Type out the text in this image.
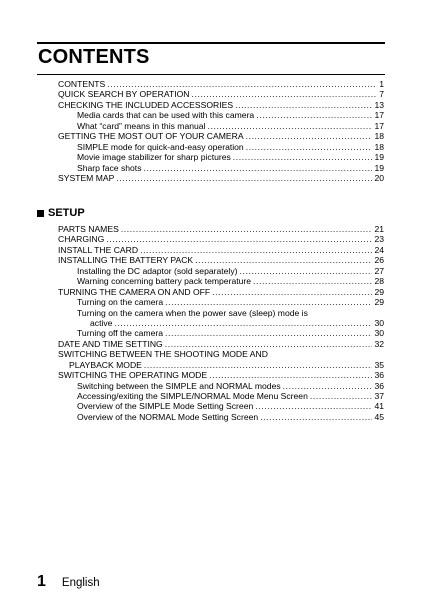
CONTENTS
CONTENTS .....	1
QUICK SEARCH BY OPERATION .....	7
CHECKING THE INCLUDED ACCESSORIES .....	13
Media cards that can be used with this camera .....	17
What “card” means in this manual .....	17
GETTING THE MOST OUT OF YOUR CAMERA .....	18
SIMPLE mode for quick-and-easy operation .....	18
Movie image stabilizer for sharp pictures .....	19
Sharp face shots .....	19
SYSTEM MAP .....	20
SETUP
PARTS NAMES .....	21
CHARGING .....	23
INSTALL THE CARD .....	24
INSTALLING THE BATTERY PACK .....	26
Installing the DC adaptor (sold separately) .....	27
Warning concerning battery pack temperature .....	28
TURNING THE CAMERA ON AND OFF .....	29
Turning on the camera .....	29
Turning on the camera when the power save (sleep) mode is
active .....	30
Turning off the camera .....	30
DATE AND TIME SETTING .....	32
SWITCHING BETWEEN THE SHOOTING MODE AND
PLAYBACK MODE .....	35
SWITCHING THE OPERATING MODE .....	36
Switching between the SIMPLE and NORMAL modes .....	36
Accessing/exiting the SIMPLE/NORMAL Mode Menu Screen .....	37
Overview of the SIMPLE Mode Setting Screen .....	41
Overview of the NORMAL Mode Setting Screen .....	45
1 English
